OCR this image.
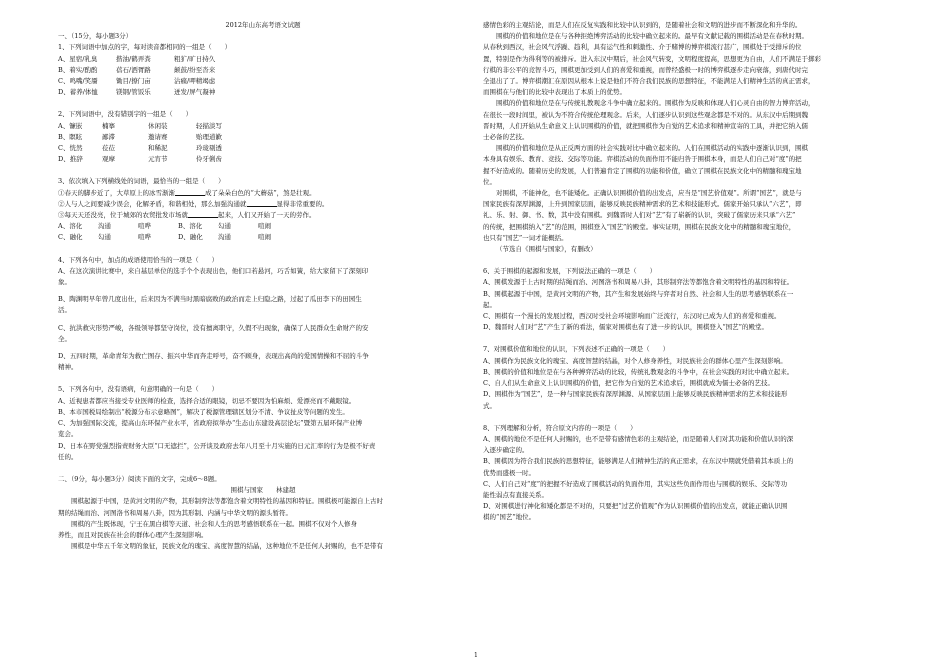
2012年山东高考语文试题
一、（15分，每小题3分）
1、下列词语中加点的字，每对读音都相同的一组是（　　）
A、星宿/乳臭	揩油/鹤弄粪	粗犷/旷日持久
B、着实/酌酌	蓓石/洒胥路	颠鼓/纷至沓来
C、鸣嘴/笑靥	锄目/撩门亩	沾瘊/呷精竭虑
D、蓄养/体恤	镁钢/管饭乐	迸发/屏气凝神
2、下列词语中，没有错别字的一组是（　　）
A、镰嵌	楠搴	休闲装	轻描淡写
B、瞑眩	鄙滞	邀请赛	贻理道歉
C、恍然	莅莅	和稀泥	玲珑剔透
D、推辞	观摩	元宵节	伶牙俐齿
3、依次填入下列横线处的词语，最恰当的一组是（　　）
①春天的脚步近了，大草原上的冰雪渐渐	成了朵朵白色的“大蘑菇”，煞是壮观。
②人与人之间要减少误会，化解矛盾，和谐相处，那么加强沟通就	显得非常重要的。
③每天天还没亮，位于城郊的农贸批发市场就	起来，人们又开始了一天的劳作。
A、溶化	沟通	喧哗	B、溶化	勾通	喧闹
C、融化	勾通	喧哗	D、融化	沟通	喧闹
4、下列各句中，加点的成语使用恰当的一项是（　　）
A、在这次演讲比赛中，来自基层单位的选手个个表现出色，他们口若悬河，巧舌如簧，给大家留下了深刻印
象。
B、陶渊明早年曾几度出仕，后来因为不满当时黑暗腐败的政治而走上归隐之路，过起了瓜田李下的田园生
活。
C、抗洪救灾形势严峻，各级领导都坚守岗位，没有擅离职守，久假不归现象，确保了人民群众生命财产的安
全。
D、五四时期，革命青年为救亡图存、振兴中华而奔走呼号，奋不顾身，表现出高尚的爱国情操和不屈的斗争
精神。
5、下列各句中，没有语病，句意明确的一句是（　　）
A、近视患者都应当接受专业医师的检查，选择合适的眼镜，切忌不要因为怕麻烦、爱漂亮而不戴眼镜。
B、本市国税局绘制出“税源分布示意略图”，解决了税源管理辖区划分不清、争议扯皮等问题的发生。
C、为加强国际交流，提高山东环保产业水平，省政府拟举办“生态山东建设高层论坛”暨第五届环保产业博
览会。
D、日本在野党强烈指责财务大臣“口无遮拦”，公开谈及政府去年八月至十月实施的日元汇率的行为是极不好责
任的。
二、（9分，每小题3分）阅读下面的文字，完成6～8题。
围棋与国家　　林建超
围棋起源于中国，是黄河文明的产物，其形制弈法等都饱含着文明特性的基因和特征。围棋极可能源自上古时
期的结绳而治、河图洛书和周易八卦，因为其形制、内涵与中华文明的源头暂符。
围棋的产生既体现，宁王在黑白棋等天道、社会和人生的思考感悟联系在一起。围棋不仅对个人修身
养性，而且对民族在社会的群体心理产生深刻影响。
围棋是中华五千年文明的象征，民族文化的瑰宝、高度智慧的结晶，这种地位不是任何人封赐的，也不是带有
感情色彩的主观结论，而是人们在反复实践和比较中认识到的，是随着社会和文明的进步而不断深化和升华的。
围棋的价值和地位是在与各种拒绝博弈活动的比较中确立起来的。最早有文献记载的围棋活动是在春秋时期。
从春秋到西汉，社会风气浮躁、趋利，具有运气性和刺激性、介于赌博的博弈棋流行甚广，围棋处于受排斥的位
置，特别是作为得利等的被排斥。进入东汉中期后，社会风气转变，文明程度提高，思想更为自由，人们不满足于掷彩
行棋的非公平的竞智斗巧，围棋更加受到人们的喜爱和重视，而曾经盛极一时的博弈棋逐步走向衰落，到唐代时完
全退出了了。博弈棋潮汇在原因从根本上说是他们不符合我们民族的思想特征，不能满足人们精神生活的真正需求，
而围棋在与他们的比较中表现出了本质上的优势。
围棋的价值和地位是在与传统礼教观念斗争中确立起来的。围棋作为反映和体现人们心灵自由的智力博弈活动，
在很长一段时间里，被认为不符合传统伦理观念。后来，人们逐步认识到这些观念都是不对的。从东汉中后期到魏
晋时期，人们开始从生命意义上认识围棋的价值，就把围棋作为自觉的艺术追求和精神宣寄的工具，并把它纳入儒
士必备的艺技。
围棋的价值和地位是从正反两方面的社会实践对比中确立起来的。人们在围棋活动的实践中逐渐认识到，围棋
本身具有娱乐、教育、竞技、交际等功能。弈棋活动的负面作用不能归咎于围棋本身，而是人们自己对“度”的把
握不好造成的。随着历史的发展，人们普遍肯定了围棋的功能和价值，确立了围棋在民族文化中的精髓和瑰宝地
位。
对围棋，不能神化，也不能矮化。正确认识围棋价值的出发点，应当是“国艺价值观”。所谓“国艺”，就是与
国家民族有深厚渊源，上升到国家层面，能够反映民族精神需求的艺术和技能形式。儒家开始只承认“六艺”，即
礼、乐、射、御、书、数，其中没有围棋。到魏晋时人们对“艺”有了崭新的认识，突破了儒家历来只承“六艺”
的传统，把围棋纳入“艺”的范围，围棋登入“国艺”的殿堂。事实证明，围棋在民族文化中的精髓和瑰宝地位，
也只有“国艺”一词才能概括。
（节选自《围棋与国家》，有删改）
6、关于围棋的起源和发展，下列说法正确的一项是（　　）
A、围棋发源于上古时期的结绳而治、河图洛书和周易八卦，其形制弈法等都饱含着文明特性的基因和特征。
B、围棋起源于中国，是黄河文明的产物，其产生和发展始终与弈者对自然、社会和人生的思考感悟联系在一
起。
C、围棋有一个漫长的发展过程，西汉时受社会环境影响而广泛流行，东汉时已成为人们的喜爱和重视。
D、魏晋时人们对“艺”产生了新的看法，儒家对围棋也有了进一步的认识，围棋登入“国艺”的殿堂。
7、对围棋价值和地位的认识，下列表述不正确的一项是（　　）
A、围棋作为民族文化的瑰宝、高度智慧的结晶，对个人修身养性，对民族社会的群体心里产生深刻影响。
B、围棋的价值和地位是在与各种搏弈活动的比较，传统礼教观念的斗争中，在社会实践的对比中确立起来。
C、自人们从生命意义上认识围棋的价值，把它作为自觉的艺术追求后，围棋就成为儒士必备的艺技。
D、围棋作为“国艺”，是一种与国家民族有深厚渊源、从国家层面上能够反映民族精神需求的艺术和技能形
式。
8、下列理解和分析，符合原文内容的一项是（　　）
A、围棋的地位不是任何人封赐的，也不是带有感情色彩的主观结论，而是随着人们对其功能和价值认识的深
入逐步确定的。
B、围棋因为符合我们民族的思想特征，能够满足人们精神生活的真正需求，在东汉中期就凭借着其本质上的
优势而盛极一时。
C、人们自己对“度”的把握不好造成了围棋活动的负面作用，其实这些负面作用也与围棋的娱乐、交际等功
能性弱点有直接关系。
D、对围棋进行神化和矮化都是不对的，只要把“过艺价值观”作为认识围棋价值的出发点，就能正确认识围
棋的“国艺”地位。
1
